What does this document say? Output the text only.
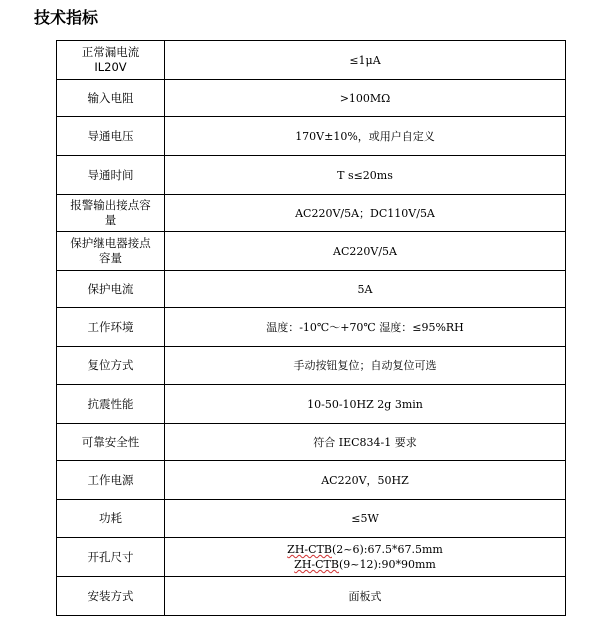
技术指标
正常漏电流
IL20V	≤1μA
输入电阻	>100MΩ
导通电压	170V±10%，或用户自定义
导通时间	T s≤20ms

报警输出接点容
量	AC220V/5A；DC110V/5A

保护继电器接点
容量	AC220V/5A
保护电流	5A
工作环境	温度：-10℃～+70℃ 湿度：≤95%RH
复位方式	手动按钮复位；自动复位可选
抗震性能	10-50-10HZ 2g 3min
可靠安全性	符合 IEC834-1 要求
工作电源	AC220V，50HZ
功耗	≤5W
开孔尺寸	ZH-CTB(2~6):67.5*67.5mm
ZH-CTB(9~12):90*90mm

安装方式	面板式
